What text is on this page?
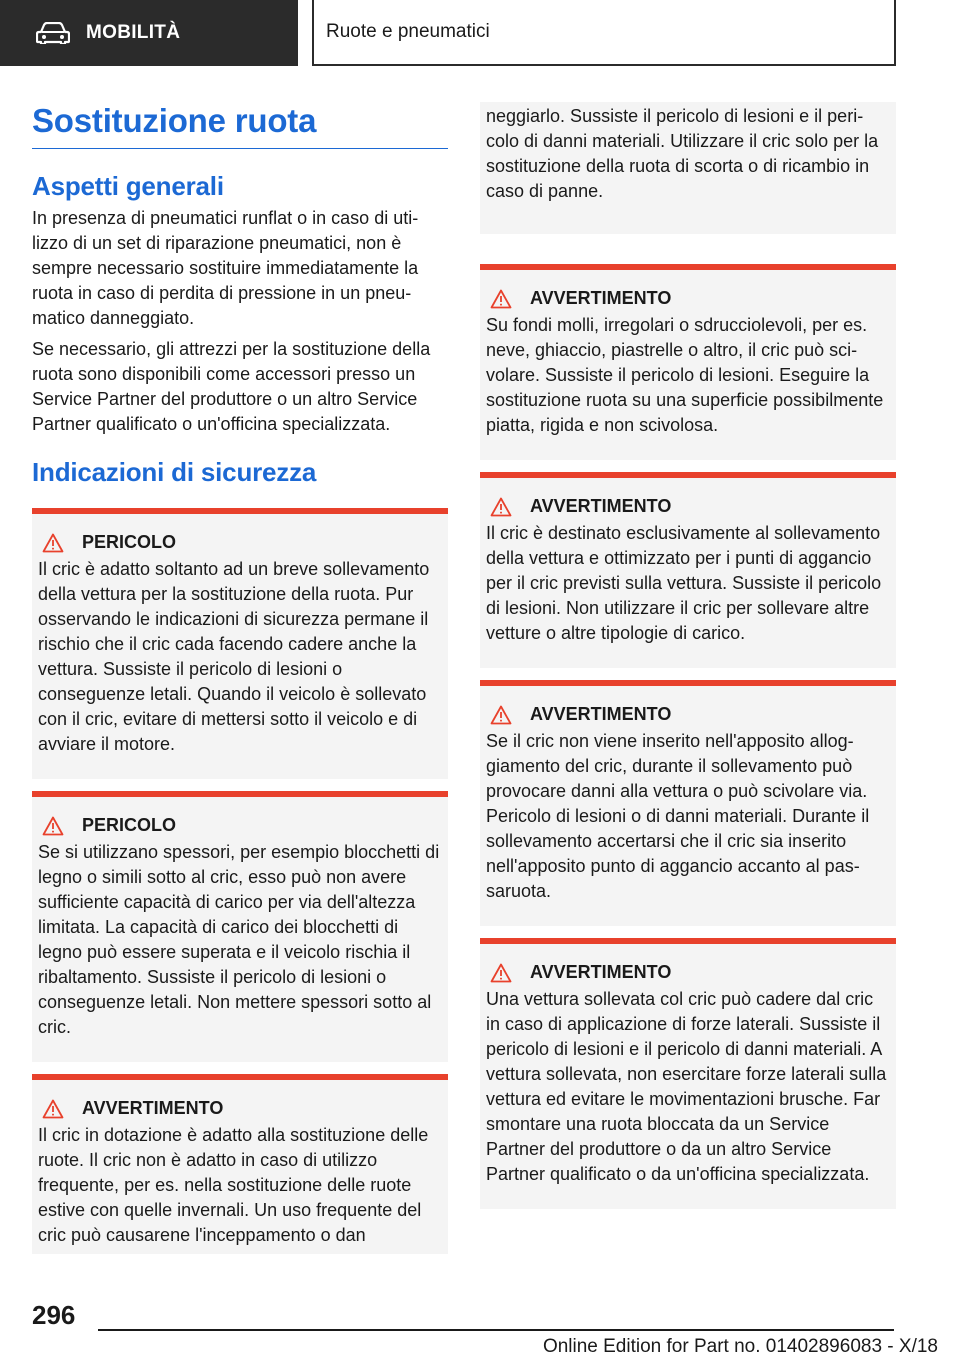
MOBILITÀ	Ruote e pneumatici
Sostituzione ruota
Aspetti generali

In presenza di pneumatici runflat o in caso di utilizzo di un set di riparazione pneumatici, non è sempre necessario sostituire immediatamente la ruota in caso di perdita di pressione in un pneumatico danneggiato.

Se necessario, gli attrezzi per la sostituzione della ruota sono disponibili come accessori presso un Service Partner del produttore o un altro Service Partner qualificato o un'officina specializzata.

Indicazioni di sicurezza
PERICOLO
Il cric è adatto soltanto ad un breve sollevamento della vettura per la sostituzione della ruota. Pur osservando le indicazioni di sicurezza permane il rischio che il cric cada facendo cadere anche la vettura. Sussiste il pericolo di lesioni o conseguenze letali. Quando il veicolo è sollevato con il cric, evitare di mettersi sotto il veicolo e di avviare il motore.
PERICOLO
Se si utilizzano spessori, per esempio blocchetti di legno o simili sotto al cric, esso può non avere sufficiente capacità di carico per via dell'altezza limitata. La capacità di carico dei blocchetti di legno può essere superata e il veicolo rischia il ribaltamento. Sussiste il pericolo di lesioni o conseguenze letali. Non mettere spessori sotto al cric.
AVVERTIMENTO
Il cric in dotazione è adatto alla sostituzione delle ruote. Il cric non è adatto in caso di utilizzo frequente, per es. nella sostituzione delle ruote estive con quelle invernali. Un uso frequente del cric può causarene l'inceppamento o dan
neggiarlo. Sussiste il pericolo di lesioni e il pericolo di danni materiali. Utilizzare il cric solo per la sostituzione della ruota di scorta o di ricambio in caso di panne.
AVVERTIMENTO
Su fondi molli, irregolari o sdrucciolevoli, per es. neve, ghiaccio, piastrelle o altro, il cric può scivolare. Sussiste il pericolo di lesioni. Eseguire la sostituzione ruota su una superficie possibilmente piatta, rigida e non scivolosa.
AVVERTIMENTO
Il cric è destinato esclusivamente al sollevamento della vettura e ottimizzato per i punti di aggancio per il cric previsti sulla vettura. Sussiste il pericolo di lesioni. Non utilizzare il cric per sollevare altre vetture o altre tipologie di carico.
AVVERTIMENTO
Se il cric non viene inserito nell'apposito alloggiamento del cric, durante il sollevamento può provocare danni alla vettura o può scivolare via. Pericolo di lesioni o di danni materiali. Durante il sollevamento accertarsi che il cric sia inserito nell'apposito punto di aggancio accanto al passaruota.
AVVERTIMENTO
Una vettura sollevata col cric può cadere dal cric in caso di applicazione di forze laterali. Sussiste il pericolo di lesioni e il pericolo di danni materiali. A vettura sollevata, non esercitare forze laterali sulla vettura ed evitare le movimentazioni brusche. Far smontare una ruota bloccata da un Service Partner del produttore o da un altro Service Partner qualificato o da un'officina specializzata.
296
Online Edition for Part no. 01402896083 - X/18
